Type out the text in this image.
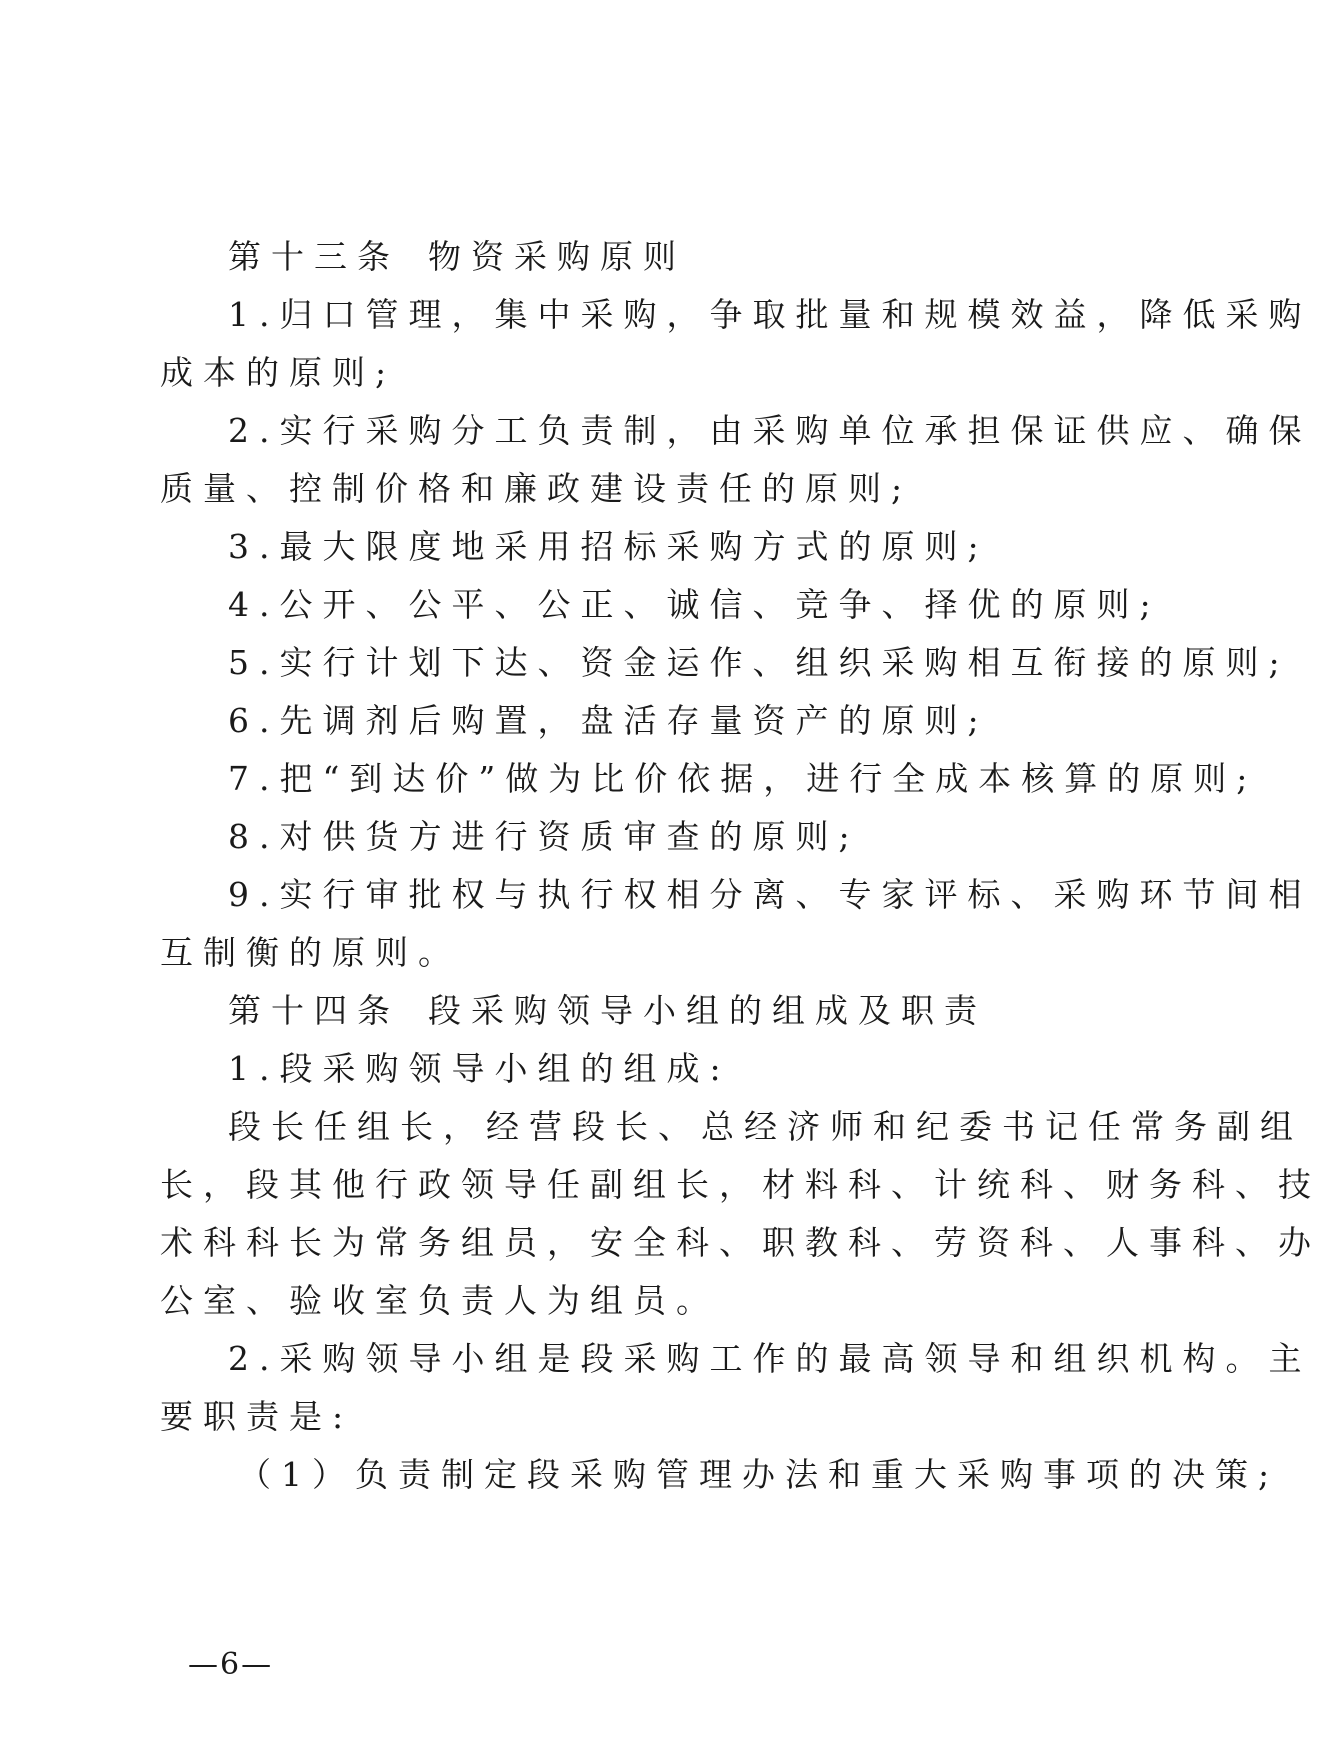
第十三条 物资采购原则
1.归口管理，集中采购，争取批量和规模效益，降低采购
成本的原则;
2.实行采购分工负责制，由采购单位承担保证供应、确保
质量、控制价格和廉政建设责任的原则;
3.最大限度地采用招标采购方式的原则;
4.公开、公平、公正、诚信、竞争、择优的原则;
5.实行计划下达、资金运作、组织采购相互衔接的原则;
6.先调剂后购置，盘活存量资产的原则;
7.把“到达价”做为比价依据，进行全成本核算的原则;
8.对供货方进行资质审查的原则;
9.实行审批权与执行权相分离、专家评标、采购环节间相
互制衡的原则。
第十四条 段采购领导小组的组成及职责
1.段采购领导小组的组成:
段长任组长，经营段长、总经济师和纪委书记任常务副组
长，段其他行政领导任副组长，材料科、计统科、财务科、技
术科科长为常务组员，安全科、职教科、劳资科、人事科、办
公室、验收室负责人为组员。
2.采购领导小组是段采购工作的最高领导和组织机构。主
要职责是:
（1）负责制定段采购管理办法和重大采购事项的决策;
—6—
